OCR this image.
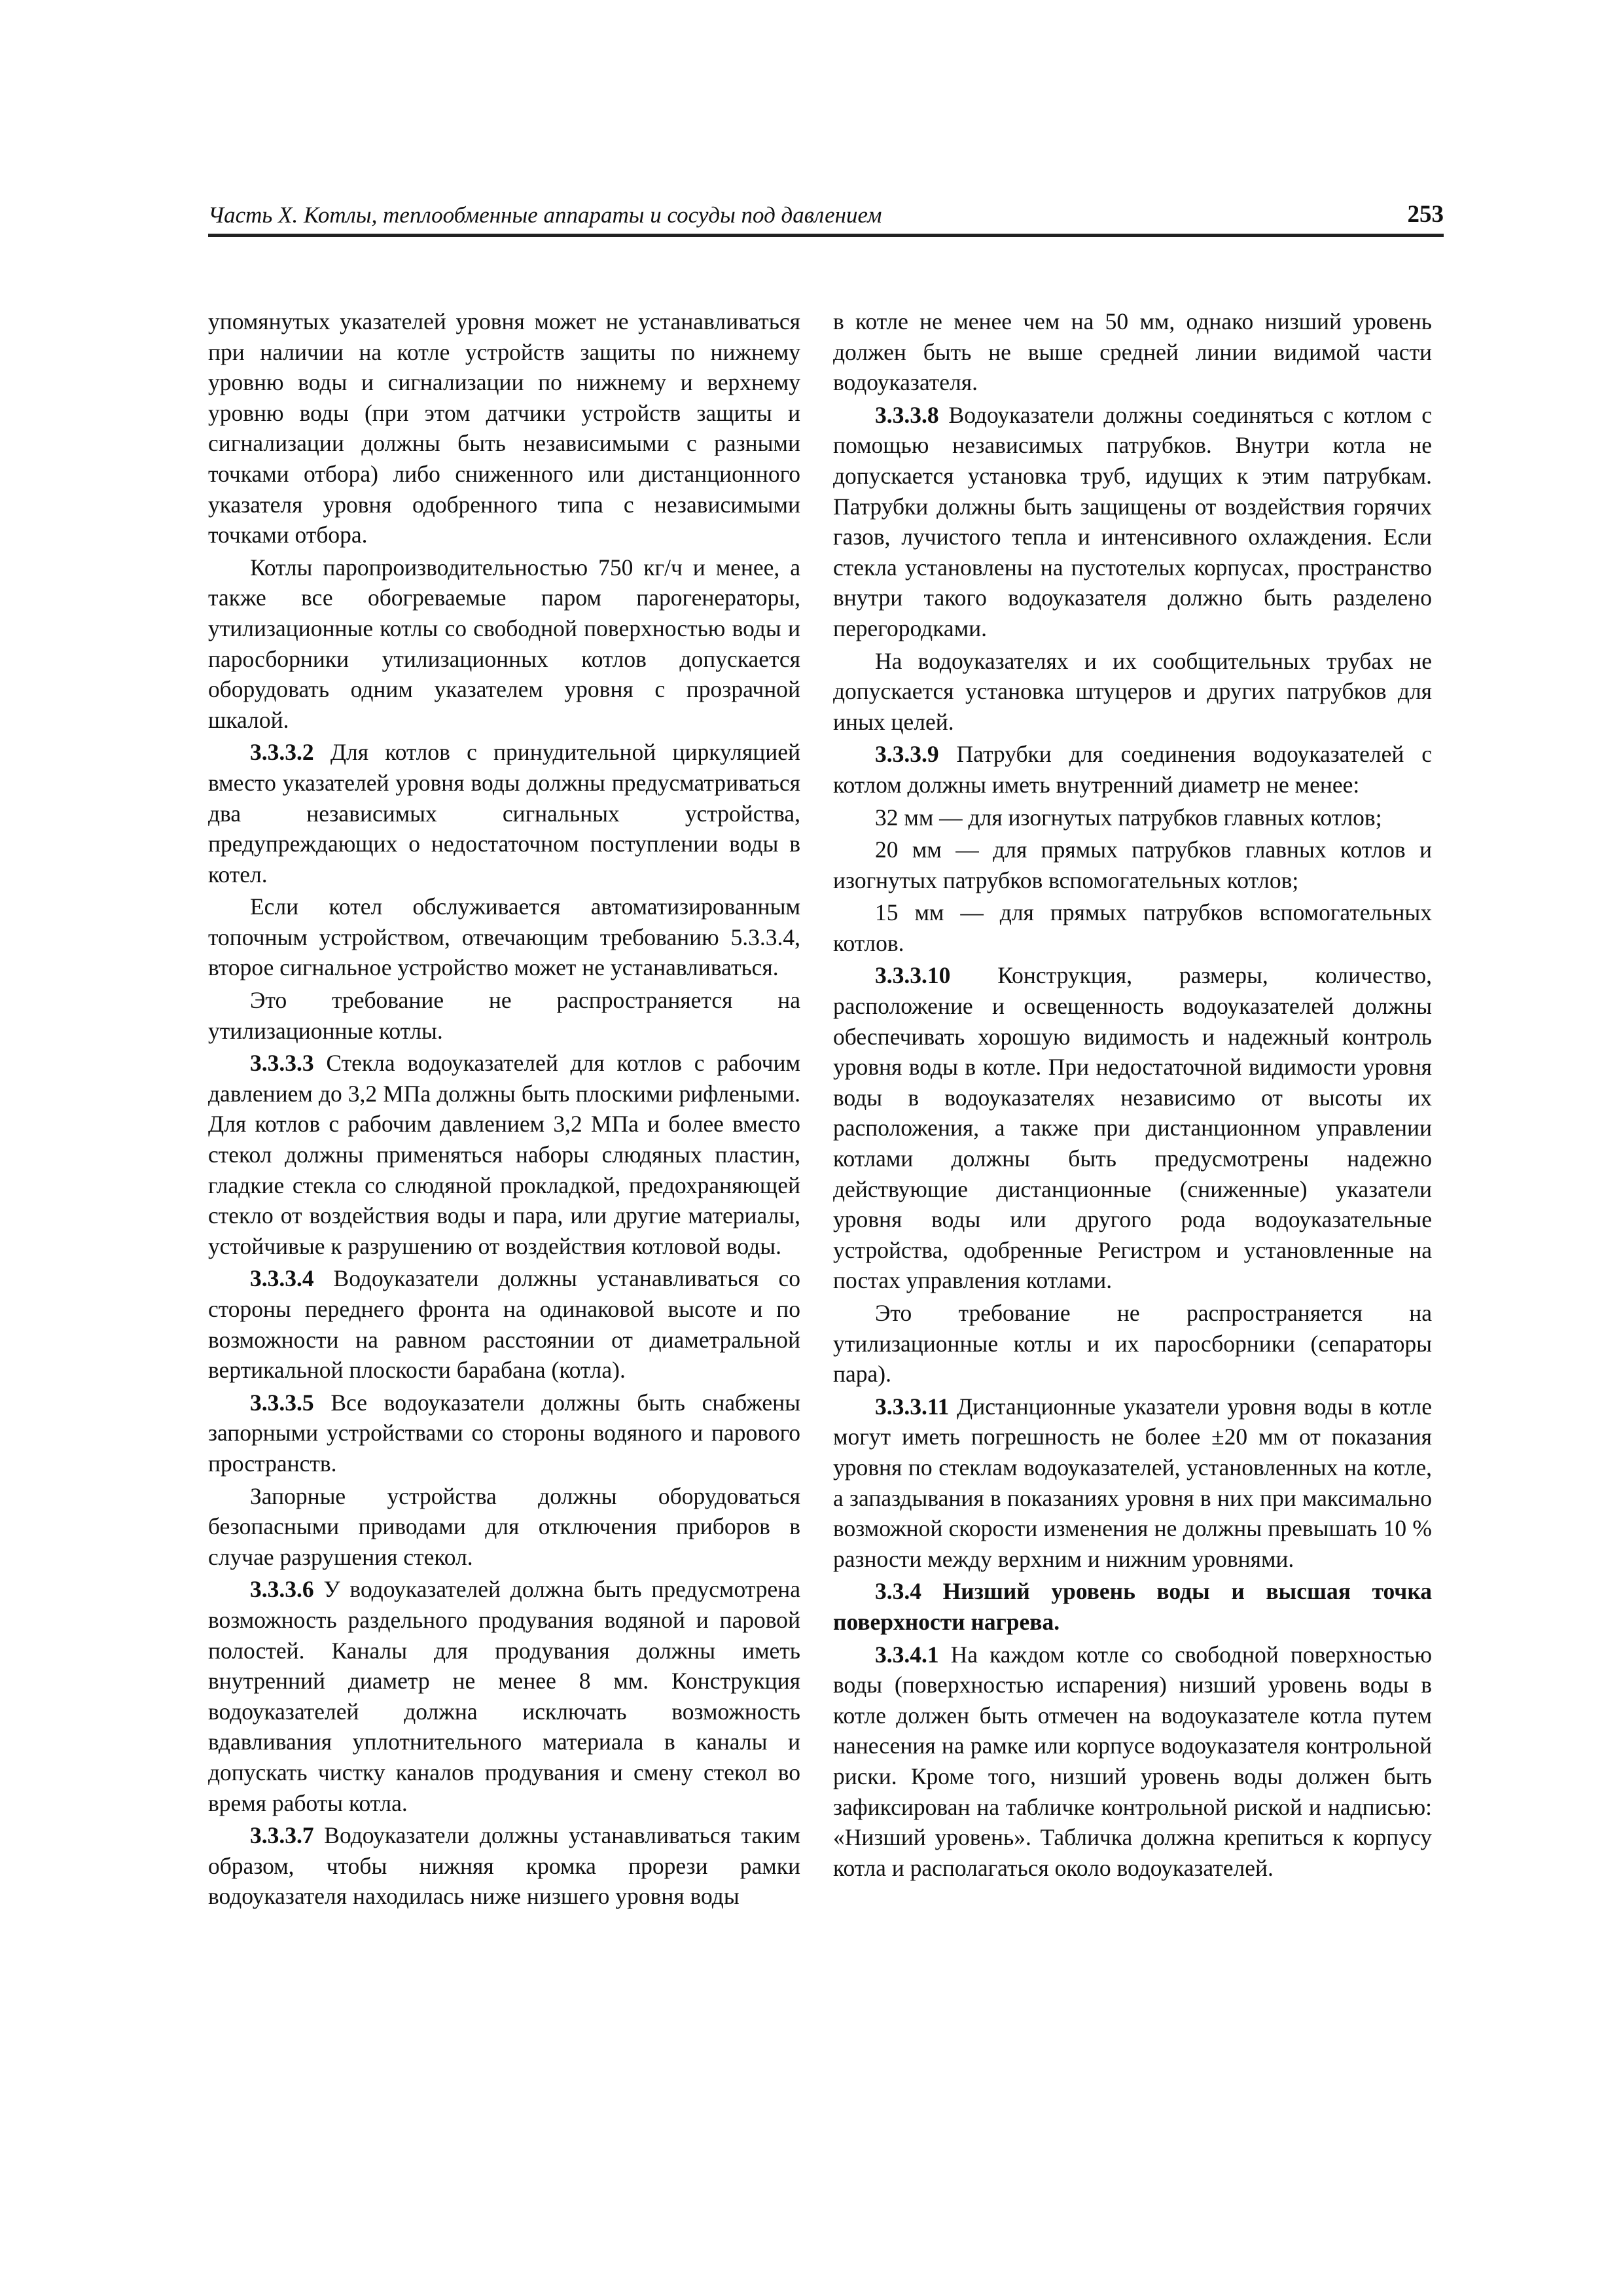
Часть X. Котлы, теплообменные аппараты и сосуды под давлением	253

упомянутых указателей уровня может не устанавливаться при наличии на котле устройств защиты по нижнему уровню воды и сигнализации по нижнему и верхнему уровню воды (при этом датчики устройств защиты и сигнализации должны быть независимыми с разными точками отбора) либо сниженного или дистанционного указателя уровня одобренного типа с независимыми точками отбора.

Котлы паропроизводительностью 750 кг/ч и менее, а также все обогреваемые паром парогенераторы, утилизационные котлы со свободной поверхностью воды и паросборники утилизационных котлов допускается оборудовать одним указателем уровня с прозрачной шкалой.

3.3.3.2 Для котлов с принудительной циркуляцией вместо указателей уровня воды должны предусматриваться два независимых сигнальных устройства, предупреждающих о недостаточном поступлении воды в котел.

Если котел обслуживается автоматизированным топочным устройством, отвечающим требованию 5.3.3.4, второе сигнальное устройство может не устанавливаться.

Это требование не распространяется на утилизационные котлы.

3.3.3.3 Стекла водоуказателей для котлов с рабочим давлением до 3,2 МПа должны быть плоскими рифлеными. Для котлов с рабочим давлением 3,2 МПа и более вместо стекол должны применяться наборы слюдяных пластин, гладкие стекла со слюдяной прокладкой, предохраняющей стекло от воздействия воды и пара, или другие материалы, устойчивые к разрушению от воздействия котловой воды.

3.3.3.4 Водоуказатели должны устанавливаться со стороны переднего фронта на одинаковой высоте и по возможности на равном расстоянии от диаметральной вертикальной плоскости барабана (котла).

3.3.3.5 Все водоуказатели должны быть снабжены запорными устройствами со стороны водяного и парового пространств.

Запорные устройства должны оборудоваться безопасными приводами для отключения приборов в случае разрушения стекол.

3.3.3.6 У водоуказателей должна быть предусмотрена возможность раздельного продувания водяной и паровой полостей. Каналы для продувания должны иметь внутренний диаметр не менее 8 мм. Конструкция водоуказателей должна исключать возможность вдавливания уплотнительного материала в каналы и допускать чистку каналов продувания и смену стекол во время работы котла.

3.3.3.7 Водоуказатели должны устанавливаться таким образом, чтобы нижняя кромка прорези рамки водоуказателя находилась ниже низшего уровня воды

в котле не менее чем на 50 мм, однако низший уровень должен быть не выше средней линии видимой части водоуказателя.

3.3.3.8 Водоуказатели должны соединяться с котлом с помощью независимых патрубков. Внутри котла не допускается установка труб, идущих к этим патрубкам. Патрубки должны быть защищены от воздействия горячих газов, лучистого тепла и интенсивного охлаждения. Если стекла установлены на пустотелых корпусах, пространство внутри такого водоуказателя должно быть разделено перегородками.

На водоуказателях и их сообщительных трубах не допускается установка штуцеров и других патрубков для иных целей.

3.3.3.9 Патрубки для соединения водоуказателей с котлом должны иметь внутренний диаметр не менее:

32 мм — для изогнутых патрубков главных котлов;

20 мм — для прямых патрубков главных котлов и изогнутых патрубков вспомогательных котлов;

15 мм — для прямых патрубков вспомогательных котлов.

3.3.3.10 Конструкция, размеры, количество, расположение и освещенность водоуказателей должны обеспечивать хорошую видимость и надежный контроль уровня воды в котле. При недостаточной видимости уровня воды в водоуказателях независимо от высоты их расположения, а также при дистанционном управлении котлами должны быть предусмотрены надежно действующие дистанционные (сниженные) указатели уровня воды или другого рода водоуказательные устройства, одобренные Регистром и установленные на постах управления котлами.

Это требование не распространяется на утилизационные котлы и их паросборники (сепараторы пара).

3.3.3.11 Дистанционные указатели уровня воды в котле могут иметь погрешность не более ±20 мм от показания уровня по стеклам водоуказателей, установленных на котле, а запаздывания в показаниях уровня в них при максимально возможной скорости изменения не должны превышать 10 % разности между верхним и нижним уровнями.

3.3.4 Низший уровень воды и высшая точка поверхности нагрева.

3.3.4.1 На каждом котле со свободной поверхностью воды (поверхностью испарения) низший уровень воды в котле должен быть отмечен на водоуказателе котла путем нанесения на рамке или корпусе водоуказателя контрольной риски. Кроме того, низший уровень воды должен быть зафиксирован на табличке контрольной риской и надписью: «Низший уровень». Табличка должна крепиться к корпусу котла и располагаться около водоуказателей.
